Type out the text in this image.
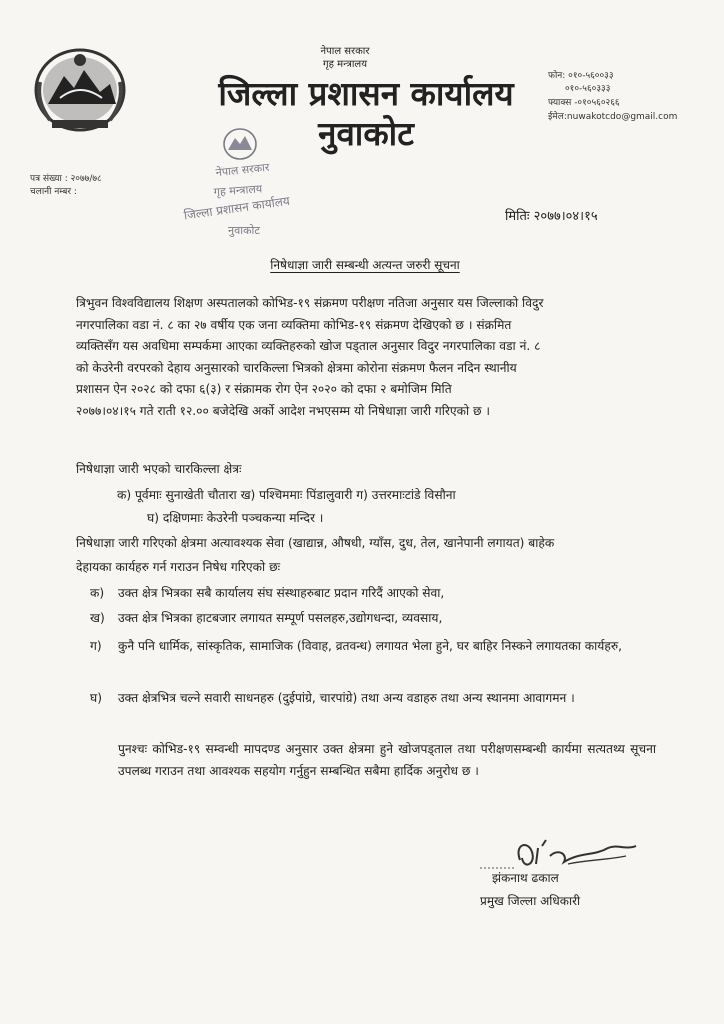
नेपाल सरकार
गृह मन्त्रालय
जिल्ला प्रशासन कार्यालय
नुवाकोट
फोन: ०१०-५६००३३
०१०-५६०३३३
फ्याक्स -०१०५६०२६६
ईमेल:nuwakotcdo@gmail.com
पत्र संख्या : २०७७/७८
चलानी नम्बर :
नेपाल सरकार
गृह मन्त्रालय
जिल्ला प्रशासन कार्यालय
नुवाकोट
मितिः २०७७।०४।१५
निषेधाज्ञा जारी सम्बन्धी अत्यन्त जरुरी सूचना
त्रिभुवन विश्वविद्यालय शिक्षण अस्पतालको कोभिड-१९ संक्रमण परीक्षण नतिजा अनुसार यस जिल्लाको विदुर
नगरपालिका वडा नं. ८ का २७ वर्षीय एक जना व्यक्तिमा कोभिड-१९ संक्रमण देखिएको छ । संक्रमित
व्यक्तिसँग यस अवधिमा सम्पर्कमा आएका व्यक्तिहरुको खोज पड्ताल अनुसार विदुर नगरपालिका वडा नं. ८
को केउरेनी वरपरको देहाय अनुसारको चारकिल्ला भित्रको क्षेत्रमा कोरोना संक्रमण फैलन नदिन स्थानीय
प्रशासन ऐन २०२८ को दफा ६(३) र संक्रामक रोग ऐन २०२० को दफा २ बमोजिम मिति
२०७७।०४।१५ गते राती १२.०० बजेदेखि अर्को आदेश नभएसम्म यो निषेधाज्ञा जारी गरिएको छ ।
निषेधाज्ञा जारी भएको चारकिल्ला क्षेत्रः
क) पूर्वमाः सुनाखेती चौतारा ख) पश्चिममाः पिंडालुवारी ग) उत्तरमाःटांडे विसौना
घ) दक्षिणमाः केउरेनी पञ्चकन्या मन्दिर ।
निषेधाज्ञा जारी गरिएको क्षेत्रमा अत्यावश्यक सेवा (खाद्यान्न, औषधी, ग्याँस, दुध, तेल, खानेपानी लगायत) बाहेक
देहायका कार्यहरु गर्न गराउन निषेध गरिएको छः
क)	उक्त क्षेत्र भित्रका सबै कार्यालय संघ संस्थाहरुबाट प्रदान गरिदैं आएको सेवा,
ख)	उक्त क्षेत्र भित्रका हाटबजार लगायत सम्पूर्ण पसलहरु,उद्योगधन्दा, व्यवसाय,
ग)	कुनै पनि धार्मिक, सांस्कृतिक, सामाजिक (विवाह, व्रतवन्ध) लगायत भेला हुने, घर बाहिर निस्कने लगायतका कार्यहरु,
घ)	उक्त क्षेत्रभित्र चल्ने सवारी साधनहरु (दुईपांग्रे, चारपांग्रे) तथा अन्य वडाहरु तथा अन्य स्थानमा आवागमन ।
पुनश्चः कोभिड-१९ सम्वन्धी मापदण्ड अनुसार उक्त क्षेत्रमा हुने खोजपड्ताल तथा परीक्षणसम्बन्धी कार्यमा सत्यतथ्य सूचना उपलब्ध गराउन तथा आवश्यक सहयोग गर्नुहुन सम्बन्धित सबैमा हार्दिक अनुरोध छ ।
झंकनाथ ढकाल
प्रमुख जिल्ला अधिकारी
